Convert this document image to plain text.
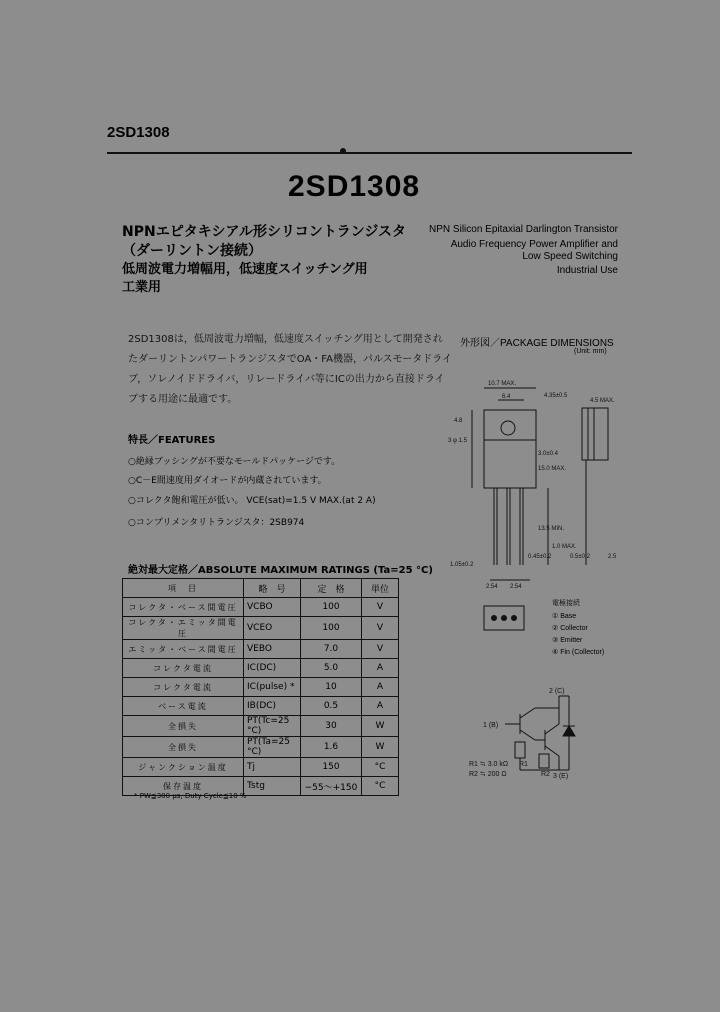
2SD1308
2SD1308
NPNエピタキシアル形シリコントランジスタ
（ダーリントン接続）
低周波電力増幅用，低速度スイッチング用
工業用
NPN Silicon Epitaxial Darlington Transistor
Audio Frequency Power Amplifier and
Low Speed Switching
Industrial Use
2SD1308は，低周波電力増幅，低速度スイッチング用として開発され
たダーリントンパワートランジスタでOA・FA機器，パルスモータドライ
ブ，ソレノイドドライバ，リレードライバ等にICの出力から直接ドライ
ブする用途に最適です。
特長／FEATURES
○絶縁ブッシングが不要なモールドパッケージです。
○C－E間速度用ダイオードが内蔵されています。
○コレクタ飽和電圧が低い。 VCE(sat)=1.5 V MAX.(at 2 A)
○コンプリメンタリトランジスタ：2SB974
絶対最大定格／ABSOLUTE MAXIMUM RATINGS (Ta=25 °C)
項　目	略　号	定　格	単位
コレクタ・ベース間電圧	VCBO	100	V
コレクタ・エミッタ間電圧	VCEO	100	V
エミッタ・ベース間電圧	VEBO	7.0	V
コレクタ電流	IC(DC)	5.0	A
コレクタ電流	IC(pulse) *	10	A
ベース電流	IB(DC)	0.5	A
全損失	PT(Tc=25 °C)	30	W
全損失	PT(Ta=25 °C)	1.6	W
ジャンクション温度	Tj	150	°C
保存温度	Tstg	−55～+150	°C
* PW≦300 μs, Duty Cycle≦10 %
外形図／PACKAGE DIMENSIONS
(Unit: mm)
10.7 MAX.
6.4	4.35±0.5
4.5 MAX.
4.8
3 φ 1.5
3.0±0.4
15.0 MAX.
13.5 MIN.
1.0 MAX.
0.5±0.2	2.5
1.05±0.2
2.54 2.54
0.45±0.2
電極接続
① Base
② Collector
③ Emitter
④ Fin (Collector)
2 (C)
1 (B)
3 (E)
R1
R2
R1 ≒ 3.0 kΩ
R2 ≒ 200 Ω
